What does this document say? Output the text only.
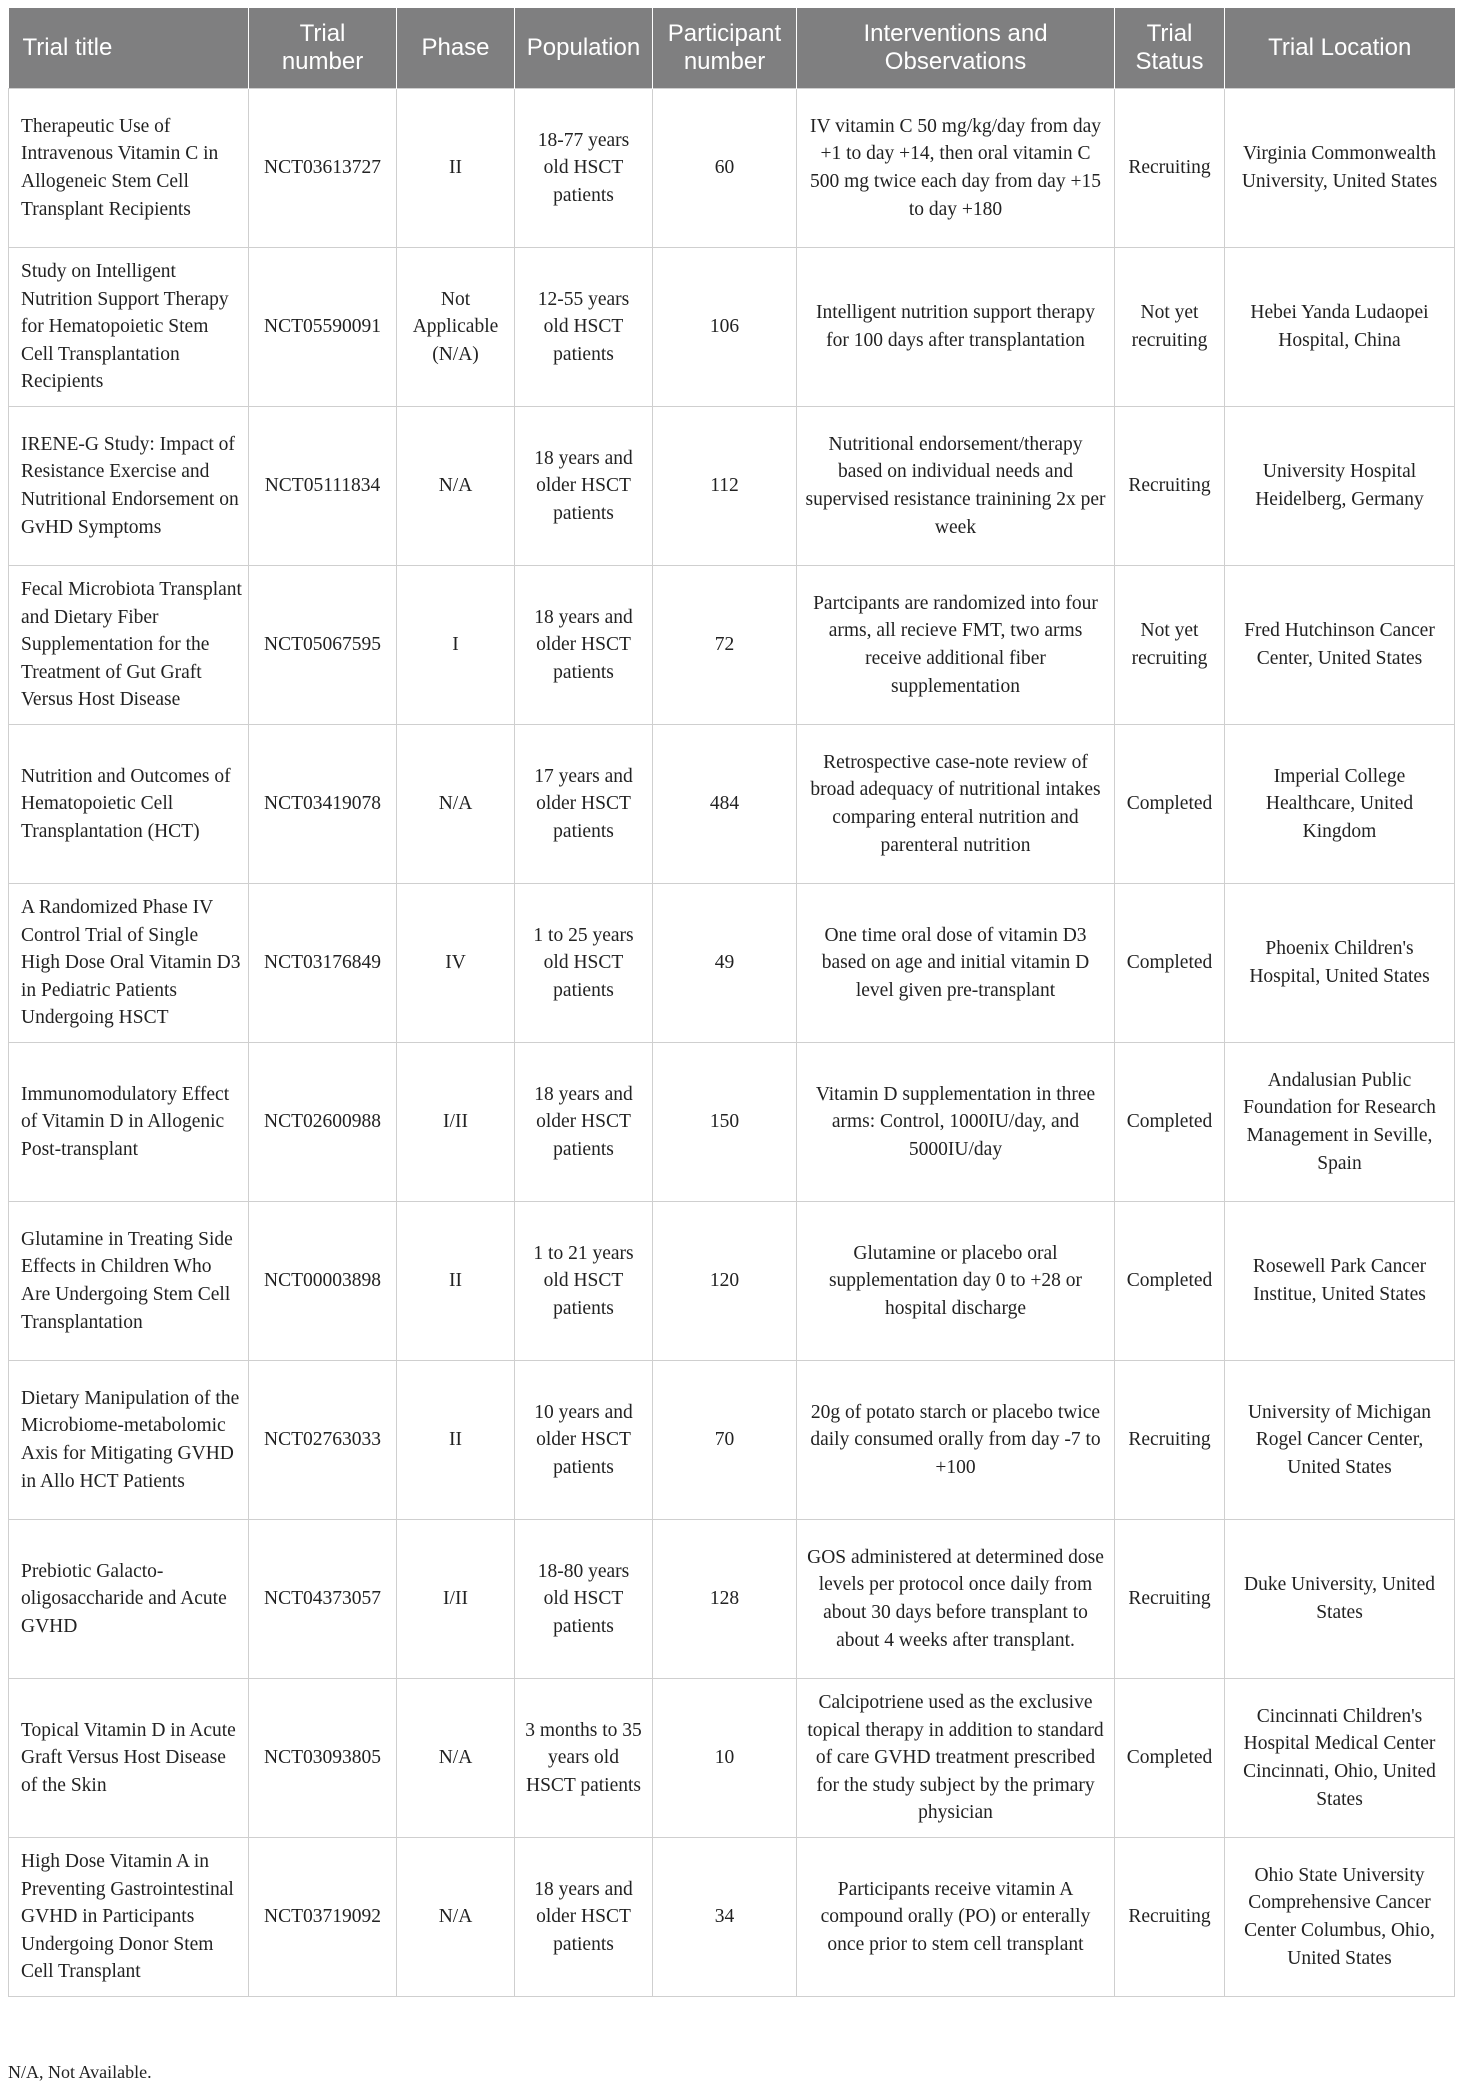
Trial title	Trial number	Phase	Population	Participant number	Interventions and Observations	Trial Status	Trial Location
Therapeutic Use of Intravenous Vitamin C in Allogeneic Stem Cell Transplant Recipients	NCT03613727	II	18-77 years old HSCT patients	60	IV vitamin C 50 mg/kg/day from day +1 to day +14, then oral vitamin C 500 mg twice each day from day +15 to day +180	Recruiting	Virginia Commonwealth University, United States
Study on Intelligent Nutrition Support Therapy for Hematopoietic Stem Cell Transplantation Recipients	NCT05590091	Not Applicable (N/A)	12-55 years old HSCT patients	106	Intelligent nutrition support therapy for 100 days after transplantation	Not yet recruiting	Hebei Yanda Ludaopei Hospital, China
IRENE-G Study: Impact of Resistance Exercise and Nutritional Endorsement on GvHD Symptoms	NCT05111834	N/A	18 years and older HSCT patients	112	Nutritional endorsement/therapy based on individual needs and supervised resistance trainining 2x per week	Recruiting	University Hospital Heidelberg, Germany
Fecal Microbiota Transplant and Dietary Fiber Supplementation for the Treatment of Gut Graft Versus Host Disease	NCT05067595	I	18 years and older HSCT patients	72	Partcipants are randomized into four arms, all recieve FMT, two arms receive additional fiber supplementation	Not yet recruiting	Fred Hutchinson Cancer Center, United States
Nutrition and Outcomes of Hematopoietic Cell Transplantation (HCT)	NCT03419078	N/A	17 years and older HSCT patients	484	Retrospective case-note review of broad adequacy of nutritional intakes comparing enteral nutrition and parenteral nutrition	Completed	Imperial College Healthcare, United Kingdom
A Randomized Phase IV Control Trial of Single High Dose Oral Vitamin D3 in Pediatric Patients Undergoing HSCT	NCT03176849	IV	1 to 25 years old HSCT patients	49	One time oral dose of vitamin D3 based on age and initial vitamin D level given pre-transplant	Completed	Phoenix Children's Hospital, United States
Immunomodulatory Effect of Vitamin D in Allogenic Post-transplant	NCT02600988	I/II	18 years and older HSCT patients	150	Vitamin D supplementation in three arms: Control, 1000IU/day, and 5000IU/day	Completed	Andalusian Public Foundation for Research Management in Seville, Spain
Glutamine in Treating Side Effects in Children Who Are Undergoing Stem Cell Transplantation	NCT00003898	II	1 to 21 years old HSCT patients	120	Glutamine or placebo oral supplementation day 0 to +28 or hospital discharge	Completed	Rosewell Park Cancer Institue, United States
Dietary Manipulation of the Microbiome-metabolomic Axis for Mitigating GVHD in Allo HCT Patients	NCT02763033	II	10 years and older HSCT patients	70	20g of potato starch or placebo twice daily consumed orally from day -7 to +100	Recruiting	University of Michigan Rogel Cancer Center, United States
Prebiotic Galacto-oligosaccharide and Acute GVHD	NCT04373057	I/II	18-80 years old HSCT patients	128	GOS administered at determined dose levels per protocol once daily from about 30 days before transplant to about 4 weeks after transplant.	Recruiting	Duke University, United States
Topical Vitamin D in Acute Graft Versus Host Disease of the Skin	NCT03093805	N/A	3 months to 35 years old HSCT patients	10	Calcipotriene used as the exclusive topical therapy in addition to standard of care GVHD treatment prescribed for the study subject by the primary physician	Completed	Cincinnati Children's Hospital Medical Center Cincinnati, Ohio, United States
High Dose Vitamin A in Preventing Gastrointestinal GVHD in Participants Undergoing Donor Stem Cell Transplant	NCT03719092	N/A	18 years and older HSCT patients	34	Participants receive vitamin A compound orally (PO) or enterally once prior to stem cell transplant	Recruiting	Ohio State University Comprehensive Cancer Center Columbus, Ohio, United States
N/A, Not Available.
